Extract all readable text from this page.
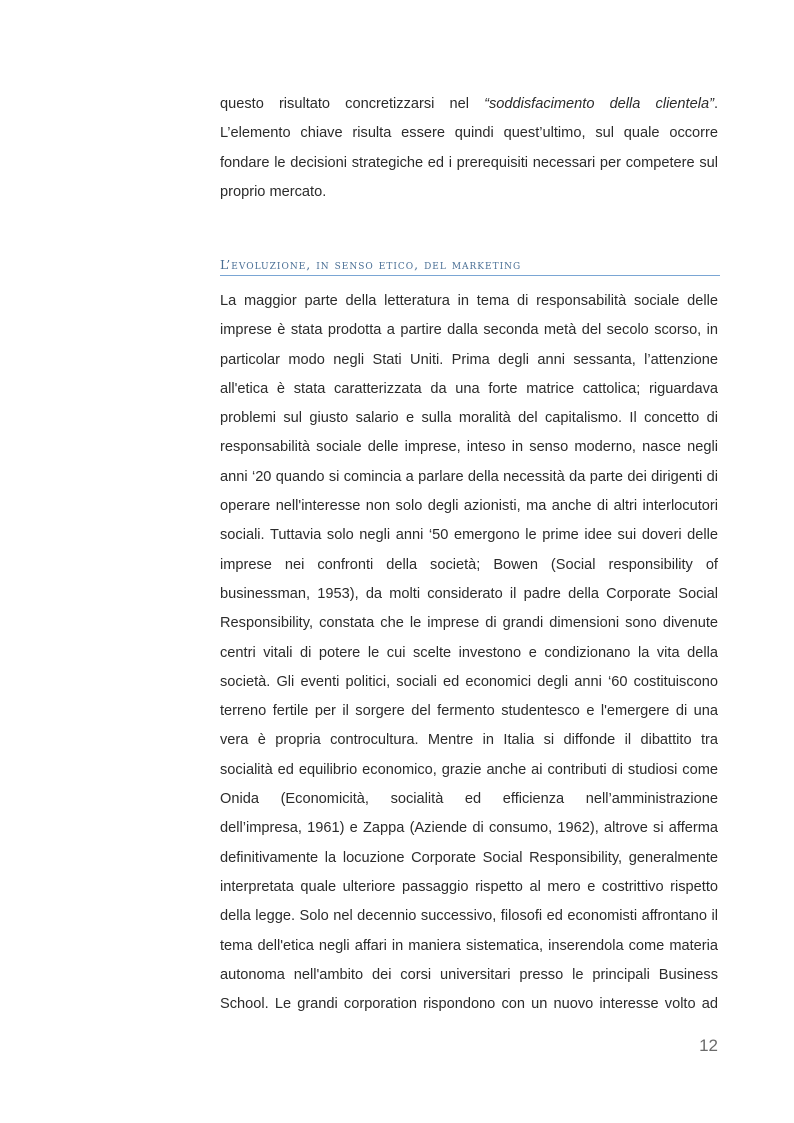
questo risultato concretizzarsi nel “soddisfacimento della clientela”.
L’elemento chiave risulta essere quindi quest’ultimo, sul quale occorre
fondare le decisioni strategiche ed i prerequisiti necessari per competere sul
proprio mercato.
L’evoluzione, in senso etico, del marketing
La maggior parte della letteratura in tema di responsabilità sociale delle
imprese è stata prodotta a partire dalla seconda metà del secolo scorso, in
particolar modo negli Stati Uniti. Prima degli anni sessanta, l’attenzione
all'etica è stata caratterizzata da una forte matrice cattolica; riguardava
problemi sul giusto salario e sulla moralità del capitalismo. Il concetto di
responsabilità sociale delle imprese, inteso in senso moderno, nasce negli
anni ‘20 quando si comincia a parlare della necessità da parte dei dirigenti di
operare nell'interesse non solo degli azionisti, ma anche di altri interlocutori
sociali. Tuttavia solo negli anni ‘50 emergono le prime idee sui doveri delle
imprese nei confronti della società; Bowen (Social responsibility of
businessman, 1953), da molti considerato il padre della Corporate Social
Responsibility, constata che le imprese di grandi dimensioni sono divenute
centri vitali di potere le cui scelte investono e condizionano la vita della
società. Gli eventi politici, sociali ed economici degli anni ‘60 costituiscono
terreno fertile per il sorgere del fermento studentesco e l'emergere di una
vera è propria controcultura. Mentre in Italia si diffonde il dibattito tra
socialità ed equilibrio economico, grazie anche ai contributi di studiosi come
Onida (Economicità, socialità ed efficienza nell’amministrazione
dell’impresa, 1961) e Zappa (Aziende di consumo, 1962), altrove si afferma
definitivamente la locuzione Corporate Social Responsibility, generalmente
interpretata quale ulteriore passaggio rispetto al mero e costrittivo rispetto
della legge. Solo nel decennio successivo, filosofi ed economisti affrontano il
tema dell'etica negli affari in maniera sistematica, inserendola come materia
autonoma nell'ambito dei corsi universitari presso le principali Business
School. Le grandi corporation rispondono con un nuovo interesse volto ad
12
